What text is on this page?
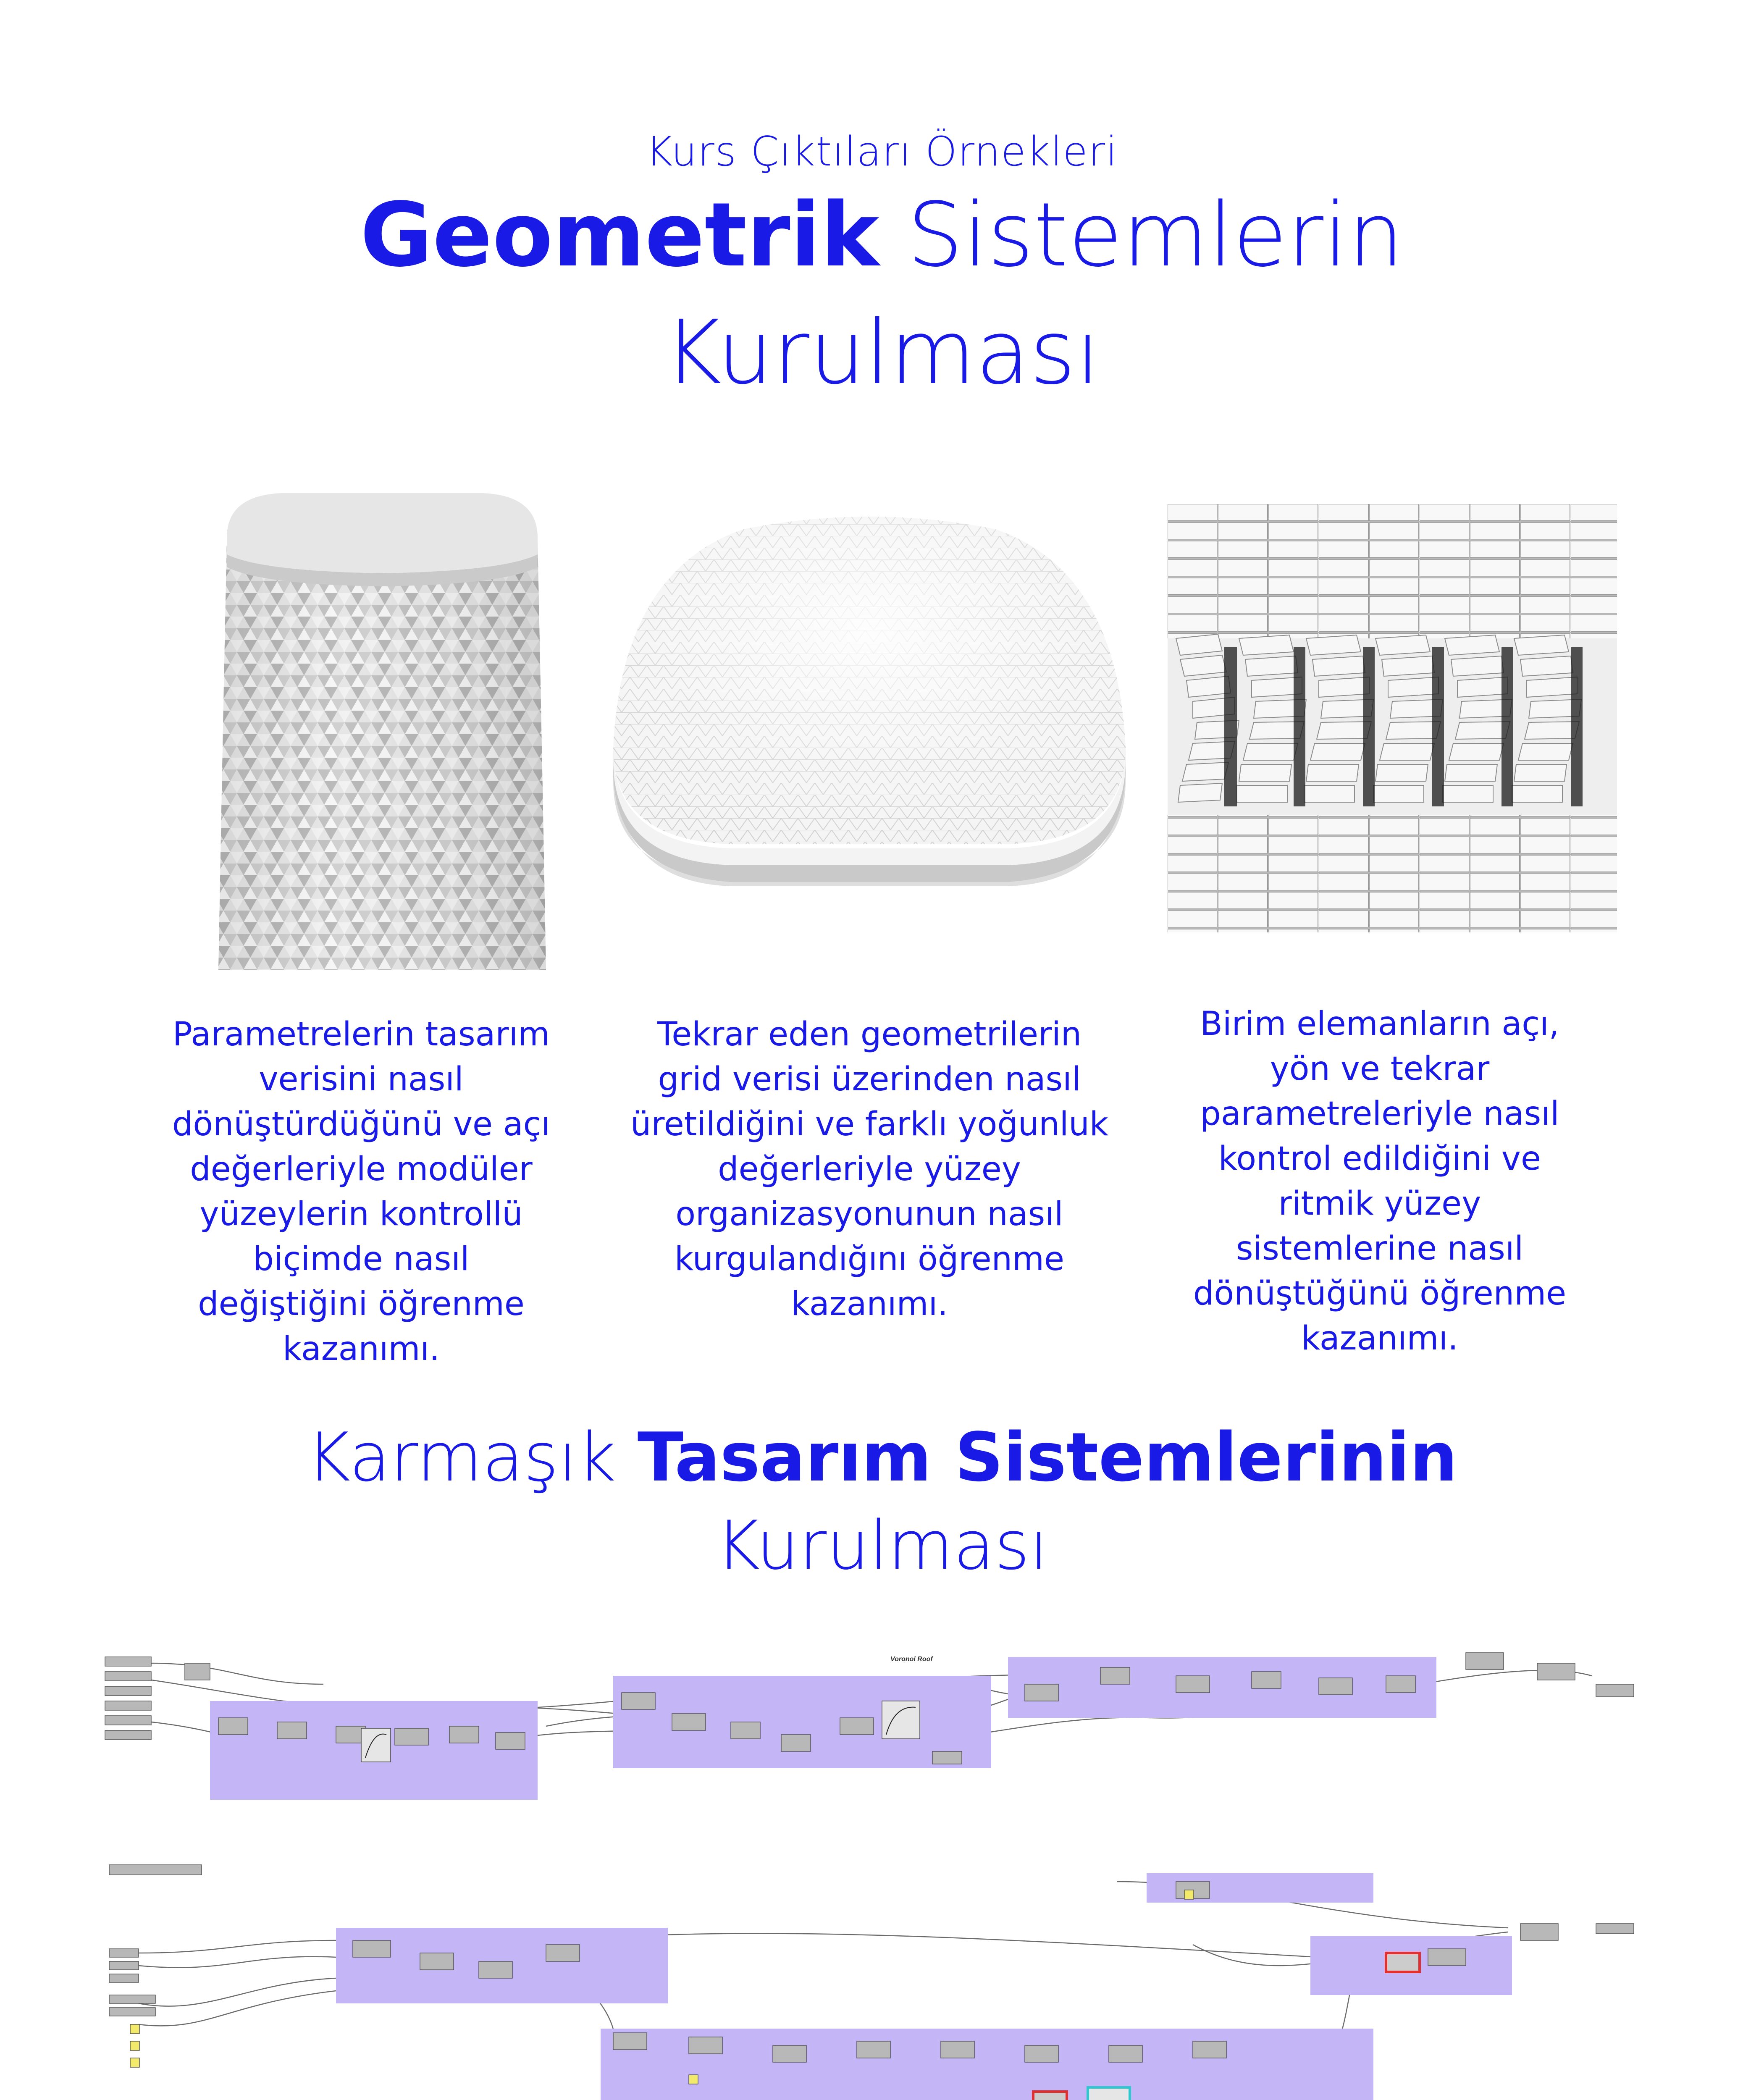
Kurs Çıktıları Örnekleri
Geometrik Sistemlerin
Kurulması
Parametrelerin tasarım
verisini nasıl
dönüştürdüğünü ve açı
değerleriyle modüler
yüzeylerin kontrollü
biçimde nasıl
değiştiğini öğrenme
kazanımı.
Tekrar eden geometrilerin
grid verisi üzerinden nasıl
üretildiğini ve farklı yoğunluk
değerleriyle yüzey
organizasyonunun nasıl
kurgulandığını öğrenme
kazanımı.
Birim elemanların açı,
yön ve tekrar
parametreleriyle nasıl
kontrol edildiğini ve
ritmik yüzey
sistemlerine nasıl
dönüştüğünü öğrenme
kazanımı.
Karmaşık Tasarım Sistemlerinin
Kurulması
Voronoi Roof
